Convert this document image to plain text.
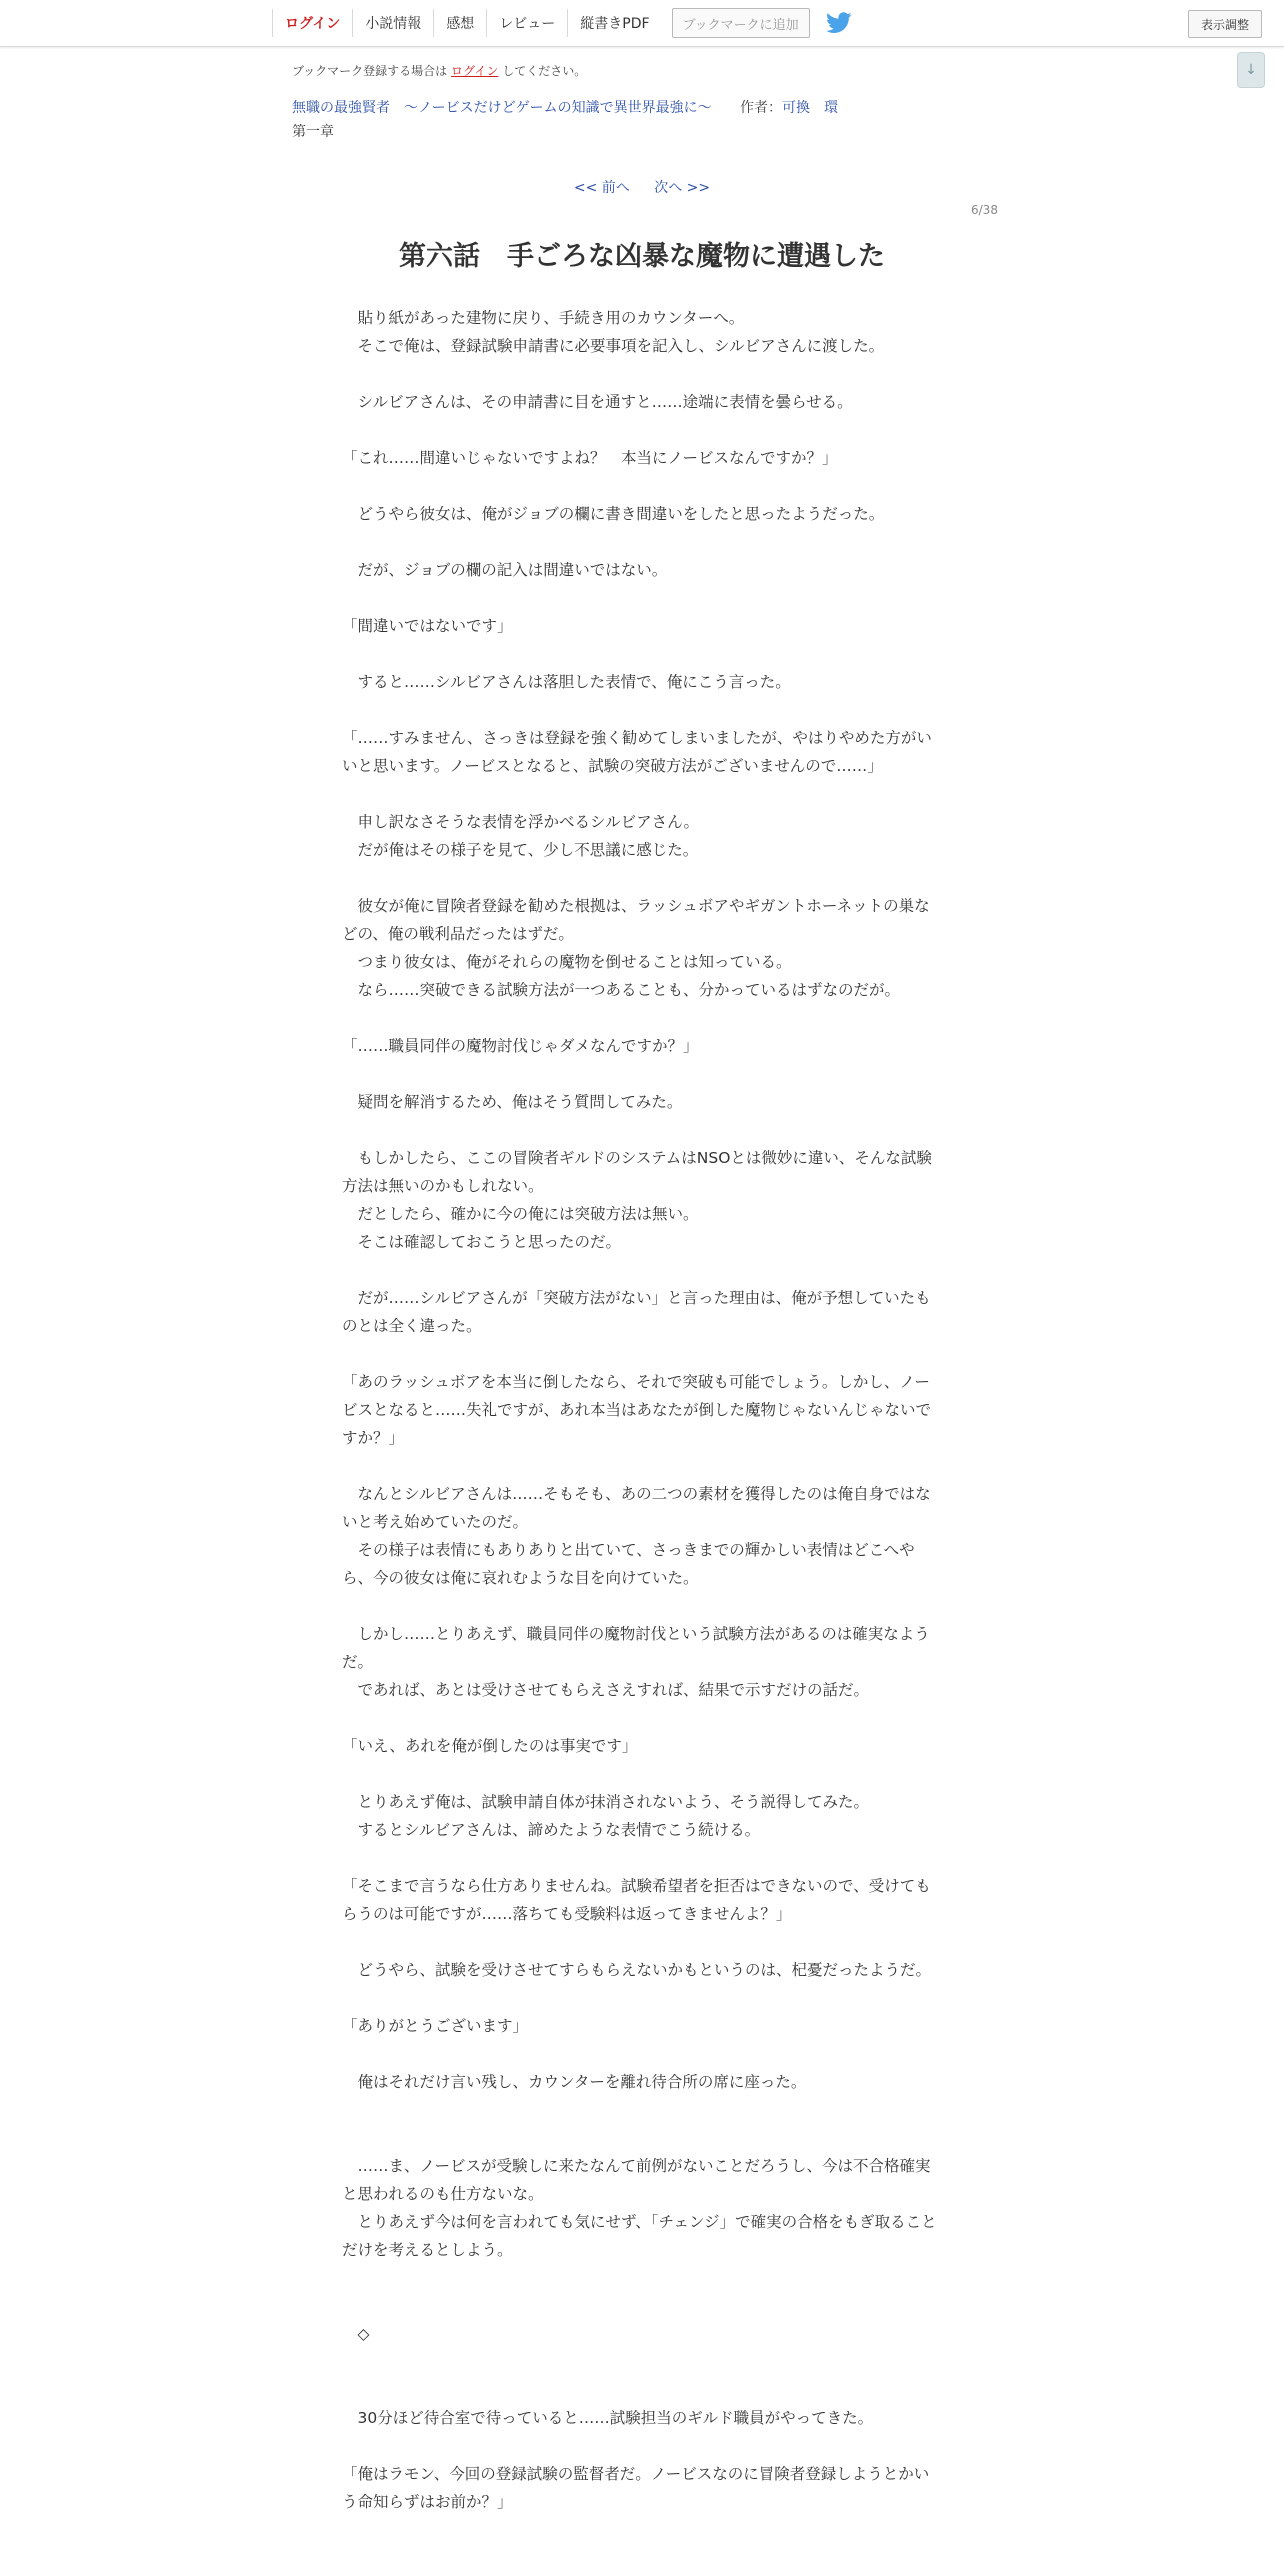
ログイン	小説情報	感想	レビュー	縦書きPDF	ブックマークに追加	表示調整
↓
ブックマーク登録する場合は ログイン してください。
無職の最強賢者　〜ノービスだけどゲームの知識で異世界最強に〜 作者：可換　環
第一章
<< 前へ 次へ >>
6/38
第六話　手ごろな凶暴な魔物に遭遇した

　貼り紙があった建物に戻り、手続き用のカウンターへ。

　そこで俺は、登録試験申請書に必要事項を記入し、シルビアさんに渡した。

　シルビアさんは、その申請書に目を通すと……途端に表情を曇らせる。

「これ……間違いじゃないですよね？　本当にノービスなんですか？」

　どうやら彼女は、俺がジョブの欄に書き間違いをしたと思ったようだった。

　だが、ジョブの欄の記入は間違いではない。

「間違いではないです」

　すると……シルビアさんは落胆した表情で、俺にこう言った。

「……すみません、さっきは登録を強く勧めてしまいましたが、やはりやめた方がいいと思います。ノービスとなると、試験の突破方法がございませんので……」

　申し訳なさそうな表情を浮かべるシルビアさん。

　だが俺はその様子を見て、少し不思議に感じた。

　彼女が俺に冒険者登録を勧めた根拠は、ラッシュボアやギガントホーネットの巣などの、俺の戦利品だったはずだ。

　つまり彼女は、俺がそれらの魔物を倒せることは知っている。

　なら……突破できる試験方法が一つあることも、分かっているはずなのだが。

「……職員同伴の魔物討伐じゃダメなんですか？」

　疑問を解消するため、俺はそう質問してみた。

　もしかしたら、ここの冒険者ギルドのシステムはNSOとは微妙に違い、そんな試験方法は無いのかもしれない。

　だとしたら、確かに今の俺には突破方法は無い。

　そこは確認しておこうと思ったのだ。

　だが……シルビアさんが「突破方法がない」と言った理由は、俺が予想していたものとは全く違った。

「あのラッシュボアを本当に倒したなら、それで突破も可能でしょう。しかし、ノービスとなると……失礼ですが、あれ本当はあなたが倒した魔物じゃないんじゃないですか？」

　なんとシルビアさんは……そもそも、あの二つの素材を獲得したのは俺自身ではないと考え始めていたのだ。

　その様子は表情にもありありと出ていて、さっきまでの輝かしい表情はどこへやら、今の彼女は俺に哀れむような目を向けていた。

　しかし……とりあえず、職員同伴の魔物討伐という試験方法があるのは確実なようだ。

　であれば、あとは受けさせてもらえさえすれば、結果で示すだけの話だ。

「いえ、あれを俺が倒したのは事実です」

　とりあえず俺は、試験申請自体が抹消されないよう、そう説得してみた。

　するとシルビアさんは、諦めたような表情でこう続ける。

「そこまで言うなら仕方ありませんね。試験希望者を拒否はできないので、受けてもらうのは可能ですが……落ちても受験料は返ってきませんよ？」

　どうやら、試験を受けさせてすらもらえないかもというのは、杞憂だったようだ。

「ありがとうございます」

　俺はそれだけ言い残し、カウンターを離れ待合所の席に座った。

　……ま、ノービスが受験しに来たなんて前例がないことだろうし、今は不合格確実と思われるのも仕方ないな。

　とりあえず今は何を言われても気にせず、「チェンジ」で確実の合格をもぎ取ることだけを考えるとしよう。

　◇

　30分ほど待合室で待っていると……試験担当のギルド職員がやってきた。

「俺はラモン、今回の登録試験の監督者だ。ノービスなのに冒険者登録しようとかいう命知らずはお前か？」
